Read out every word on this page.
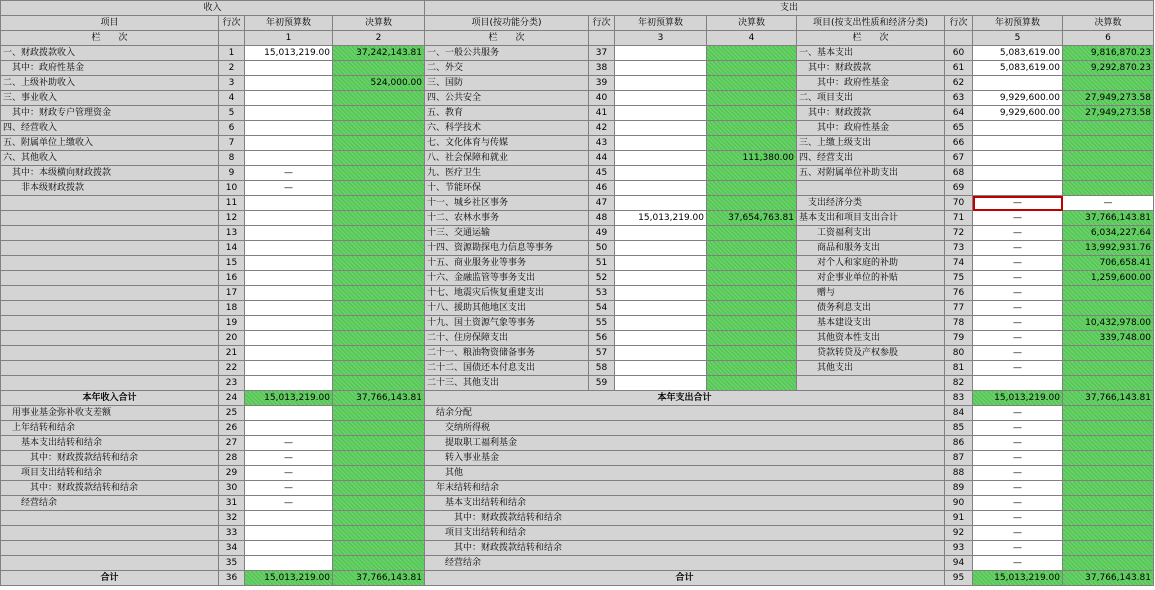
收入				支出							
项目	行次	年初预算数	决算数	项目(按功能分类)	行次	年初预算数	决算数	项目(按支出性质和经济分类)	行次	年初预算数	决算数
栏　　次		1	2	栏　　次		3	4	栏　　次		5	6
一、财政拨款收入	1	15,013,219.00	37,242,143.81	一、一般公共服务	37			一、基本支出	60	5,083,619.00	9,816,870.23
　其中：政府性基金	2			二、外交	38			　其中：财政拨款	61	5,083,619.00	9,292,870.23
二、上级补助收入	3		524,000.00	三、国防	39			　　其中：政府性基金	62		
三、事业收入	4			四、公共安全	40			二、项目支出	63	9,929,600.00	27,949,273.58
　其中：财政专户管理资金	5			五、教育	41			　其中：财政拨款	64	9,929,600.00	27,949,273.58
四、经营收入	6			六、科学技术	42			　　其中：政府性基金	65		
五、附属单位上缴收入	7			七、文化体育与传媒	43			三、上缴上级支出	66		
六、其他收入	8			八、社会保障和就业	44		111,380.00	四、经营支出	67		
　其中：本级横向财政拨款	9	—		九、医疗卫生	45			五、对附属单位补助支出	68		
　　非本级财政拨款	10	—		十、节能环保	46				69		
	11			十一、城乡社区事务	47			　支出经济分类	70	—	—
	12			十二、农林水事务	48	15,013,219.00	37,654,763.81	基本支出和项目支出合计	71	—	37,766,143.81
	13			十三、交通运输	49			　　工资福利支出	72	—	6,034,227.64
	14			十四、资源勘探电力信息等事务	50			　　商品和服务支出	73	—	13,992,931.76
	15			十五、商业服务业等事务	51			　　对个人和家庭的补助	74	—	706,658.41
	16			十六、金融监管等事务支出	52			　　对企事业单位的补贴	75	—	1,259,600.00
	17			十七、地震灾后恢复重建支出	53			　　赠与	76	—	
	18			十八、援助其他地区支出	54			　　债务利息支出	77	—	
	19			十九、国土资源气象等事务	55			　　基本建设支出	78	—	10,432,978.00
	20			二十、住房保障支出	56			　　其他资本性支出	79	—	339,748.00
	21			二十一、粮油物资储备事务	57			　　贷款转贷及产权参股	80	—	
	22			二十二、国债还本付息支出	58			　　其他支出	81	—	
	23			二十三、其他支出	59				82		
本年收入合计	24	15,013,219.00	37,766,143.81	本年支出合计					83	15,013,219.00	37,766,143.81
　用事业基金弥补收支差额	25			　结余分配					84	—	
　上年结转和结余	26			　　交纳所得税					85	—	
　　基本支出结转和结余	27	—		　　提取职工福利基金					86	—	
　　　其中：财政拨款结转和结余	28	—		　　转入事业基金					87	—	
　　项目支出结转和结余	29	—		　　其他					88	—	
　　　其中：财政拨款结转和结余	30	—		　年末结转和结余					89	—	
　　经营结余	31	—		　　基本支出结转和结余					90	—	
	32			　　　其中：财政拨款结转和结余					91	—	
	33			　　项目支出结转和结余					92	—	
	34			　　　其中：财政拨款结转和结余					93	—	
	35			　　经营结余					94	—	
合计	36	15,013,219.00	37,766,143.81	合计					95	15,013,219.00	37,766,143.81
